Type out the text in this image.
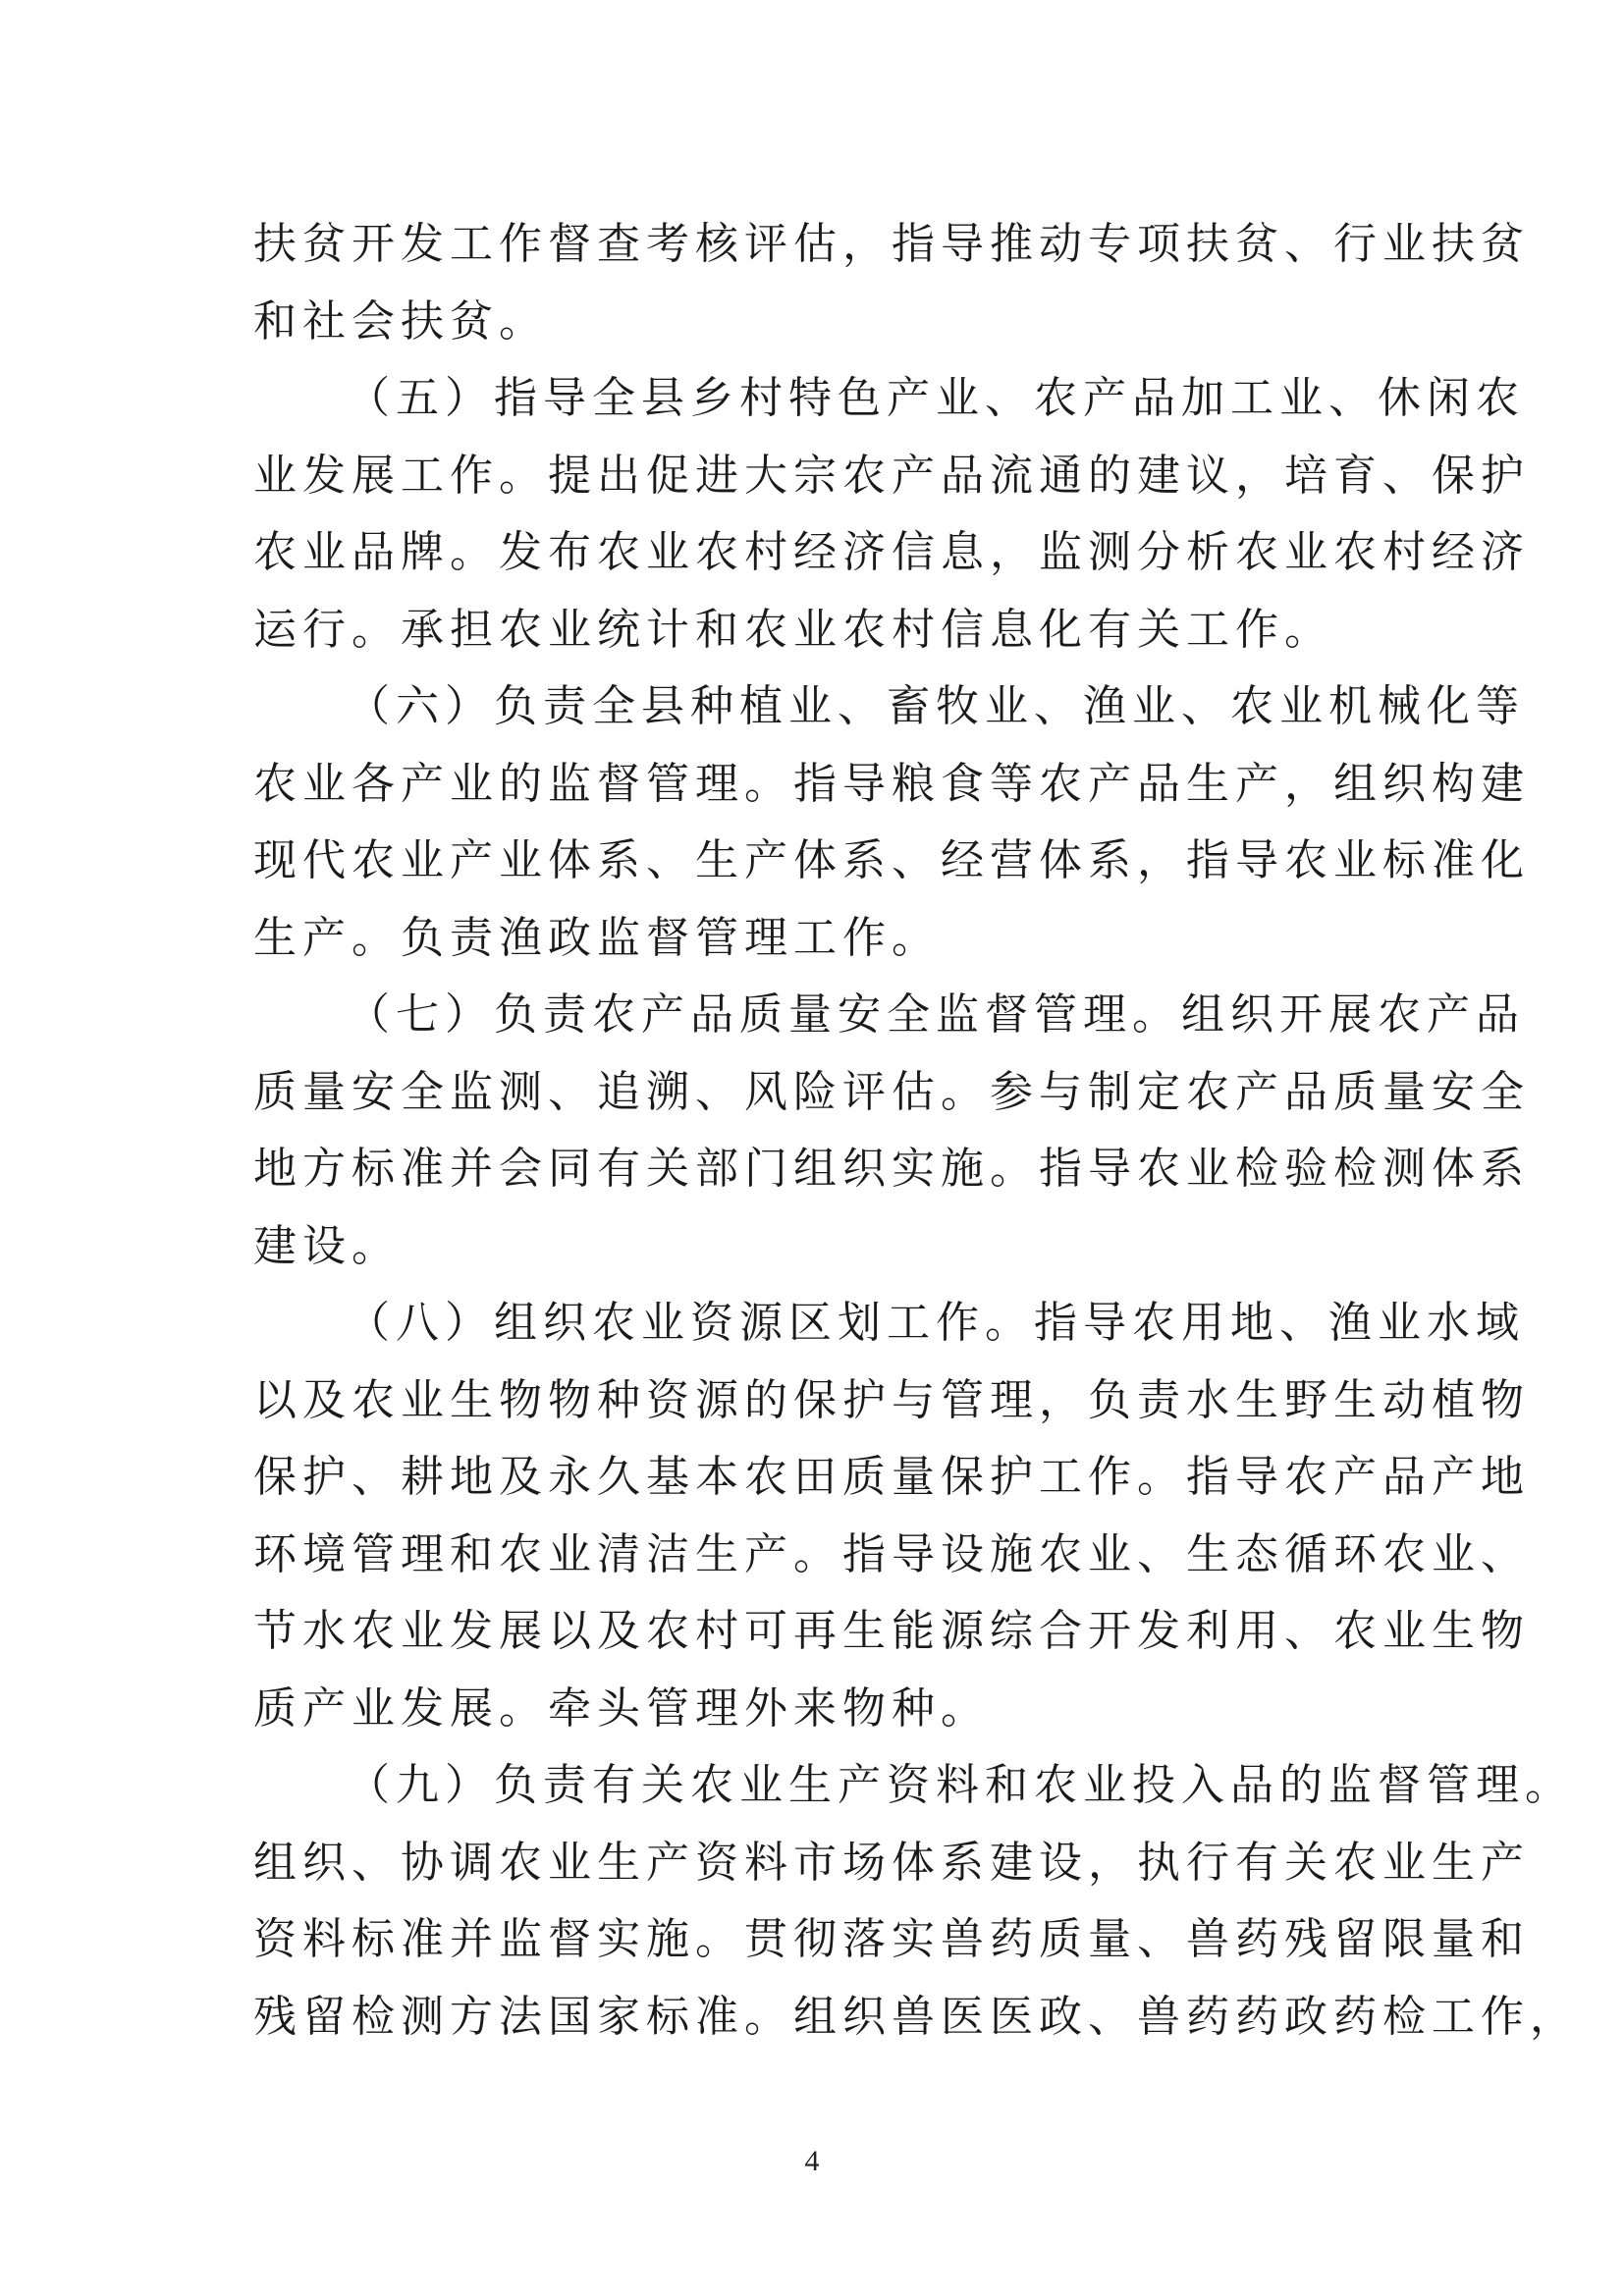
扶贫开发工作督查考核评估，指导推动专项扶贫、行业扶贫
和社会扶贫。
（五）指导全县乡村特色产业、农产品加工业、休闲农
业发展工作。提出促进大宗农产品流通的建议，培育、保护
农业品牌。发布农业农村经济信息，监测分析农业农村经济
运行。承担农业统计和农业农村信息化有关工作。
（六）负责全县种植业、畜牧业、渔业、农业机械化等
农业各产业的监督管理。指导粮食等农产品生产，组织构建
现代农业产业体系、生产体系、经营体系，指导农业标准化
生产。负责渔政监督管理工作。
（七）负责农产品质量安全监督管理。组织开展农产品
质量安全监测、追溯、风险评估。参与制定农产品质量安全
地方标准并会同有关部门组织实施。指导农业检验检测体系
建设。
（八）组织农业资源区划工作。指导农用地、渔业水域
以及农业生物物种资源的保护与管理，负责水生野生动植物
保护、耕地及永久基本农田质量保护工作。指导农产品产地
环境管理和农业清洁生产。指导设施农业、生态循环农业、
节水农业发展以及农村可再生能源综合开发利用、农业生物
质产业发展。牵头管理外来物种。
（九）负责有关农业生产资料和农业投入品的监督管理。
组织、协调农业生产资料市场体系建设，执行有关农业生产
资料标准并监督实施。贯彻落实兽药质量、兽药残留限量和
残留检测方法国家标准。组织兽医医政、兽药药政药检工作，
4
